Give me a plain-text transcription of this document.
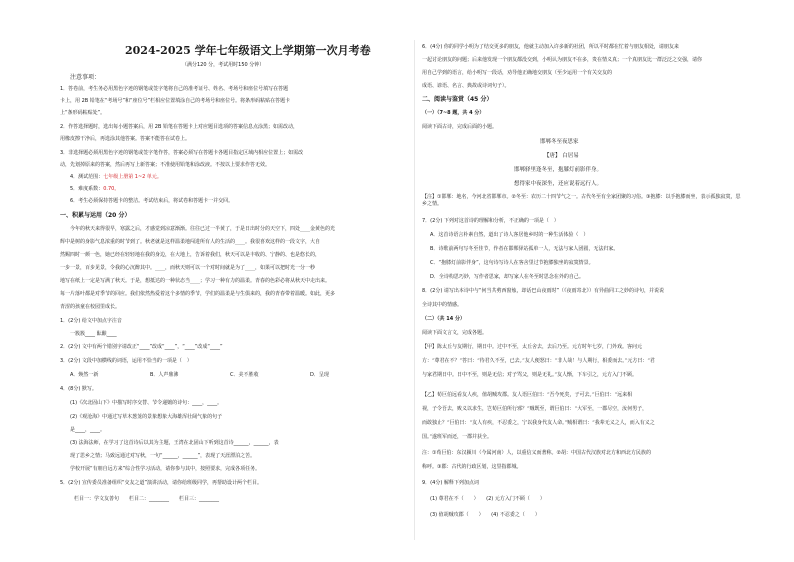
2024-2025 学年七年级语文上学期第一次月考卷
（满分120 分，考试用时150 分钟）
注意事项：
1．答卷前，考生务必用黑色字迹的钢笔或签字笔将自己的准考证号、姓名、考场号和座位号填写在答题
卡上，用 2B 铅笔在“考场号”和“座位号”栏相应位置填涂自己的考场号和座位号。将条形码粘贴在答题卡
上“条形码粘贴处”。
2．作答选择题时，选出每小题答案后，用 2B 铅笔在答题卡上对应题目选项的答案信息点涂黑；如需改动，
用橡皮擦干净后，再选涂其他答案。答案不能答在试卷上。
3．非选择题必须用黑色字迹的钢笔或签字笔作答，答案必须写在答题卡各题目指定区域内相应位置上；如需改
动，先划掉原来的答案，然后再写上新答案；不准使用铅笔和涂改液。不按以上要求作答无效。
4．测试范围：七年级上册第 1~2 单元。
5．难度系数：0.70。
6．考生必须保持答题卡的整洁。考试结束后，将试卷和答题卡一并交回。
一、积累与运用（20 分）
今年的秋天来得很早，寒露之后，才感觉到凉意渐渐。往往已过一半黄了，于是日出时分的天空下，四处____金黄色的光
辉中是树的身影气息浓重的时节到了。秋老就是这样温柔地闯进所有人的生活的____。我很喜欢这样的一段文字，大自
然赐四时一颜一色，她已经在轻轻地在我的身边，在大地上，告诉着我们，秋天可以是丰收的、宁静的、也是悠长的，
一步一景，百步见景，令我的心沉醉其中。____，而秋天则可以一个对时间就是为了____，如果可以把时光一分一秒
地写在纸上一定是写满了秋天。于是，想抵达的一种状态当____；学习一种有力的温柔。青春的色彩必将从秋天中走出来。
每一片落叶都是对季节的回应。我们依然热爱着这个多情的季节，学们的温柔是与生俱来的，我的青春带着温暖。如此，更多
青涩的孩童在校园里成长。
1．(2分) 给文中加点字注音
一簇簇____ 酝酿____
2．(2分) 文中有两个错别字请改正“____”改成“____”，“____”改成“____”
3．(2分) 文段中加横线的词语，运用不恰当的一项是（　）
A．焕然一新	B．人声鼎沸	C．美不胜收	D．呈现
4．(8分) 默写。
(1)《次北固山下》中描写时序交替、节令递嬗的诗句：____，____。
(2)《观沧海》中通过写草木葱茏的景象想象大海雄浑壮阔气象的句子
是____，____。
(3) 法海法师，在学习了这首诗后以其为主题，王湾在北固山下听到这首诗______，______，表
现了思乡之情；马致远通过对写秋，一句“______，______”，表现了天涯漂泊之苦。
学校开展“有朋自远方来”综合性学习活动，请你参与其中，按照要求，完成各项任务。
5．(2分) 宣传委员准备组织“交友之道”演讲活动，请你给班级同学，再帮助设计两个栏目。
栏目一：学文友善句　　栏目二：________　　栏目三：________
6．(4分) 你的同学小明为了结交更多的朋友，他就主动加入许多新的社团，所以平时都在忙着与朋友相处，请朋友来
一起讨论朋友的问题；后来他发现一个朋友都没交到，小明认为朋友不在多，贵在情义真；一个真朋友比一群泛泛之交强，请你
用自己学到的语言，给小明写一段话，劝导他正确地交朋友（至少运用一个有关交友的
成语、谚语、名言、典故或诗词句子）。
二、阅读与鉴赏（45 分）
（一）（7~8 题，共 4 分）
阅读下面古诗，完成后面的小题。
邯郸冬至夜思家
【唐】 白居易
邯郸驿里逢冬至，抱膝灯前影伴身。
想得家中夜深坐，还应说着远行人。
【注】①邯郸：地名，今河北省邯郸市。②冬至：农历二十四节气之一。古代冬至有全家团聚的习俗。③抱膝：以手抱膝而坐，表示孤独寂寞，思乡之情。
7．(2分) 下列对这首诗的理解和分析，不正确的一项是（　）
A．这首诗语言朴素自然，道出了诗人客居他乡时的一种生活体验（　）
B．诗歌前两句写冬至佳节，作者在邯郸驿站孤单一人，无法与家人团圆，无法归家。
C．“抱膝灯前影伴身”，这句诗写诗人在客舍里过节抱膝独坐的寂寞情景。
D．全诗构思巧妙，写作者思家，却写家人在冬至时思念在外的自己。
8．(2分) 请写出本诗中与“何当共剪西窗烛，却话巴山夜雨时”（《夜雨寄北》）有异曲同工之妙的诗句，并说说
全诗其中的情感。
（二）（共 14 分）
阅读下面文言文，完成各题。
【甲】陈太丘与友期行，期日中。过中不至，太丘舍去，去后乃至。元方时年七岁，门外戏。客问元
方：“尊君在不？”答曰：“待君久不至，已去。”友人便怒曰：“非人哉！与人期行，相委而去。”元方曰：“君
与家君期日中。日中不至，则是无信；对子骂父，则是无礼。”友人惭，下车引之，元方入门不顾。
【乙】荀巨伯远看友人疾，值胡贼攻郡。友人语巨伯曰：“吾今死矣，子可去。”巨伯曰：“远来相
视，子令吾去，败义以求生，岂荀巨伯所行邪？”贼既至，谓巨伯曰：“大军至，一郡尽空，汝何男子，
而敢独止？”巨伯曰：“友人有疾，不忍委之，宁以我身代友人命。”贼相谓曰：“我辈无义之人，而入有义之
国。”遂班军而还，一郡并获全。
注：①荀巨伯：东汉颍川（今属河南）人，以重信义而著称。②胡：中国古代汉族对北方和西北方民族的
称呼。③郡：古代的行政区划，这里指郡城。
9．(4分) 解释下列加点词
(1) 尊君在不（　　）　　(2) 元方入门不顾（　　）
(3) 值胡贼攻郡（　　）　　(4) 不忍委之（　　）
